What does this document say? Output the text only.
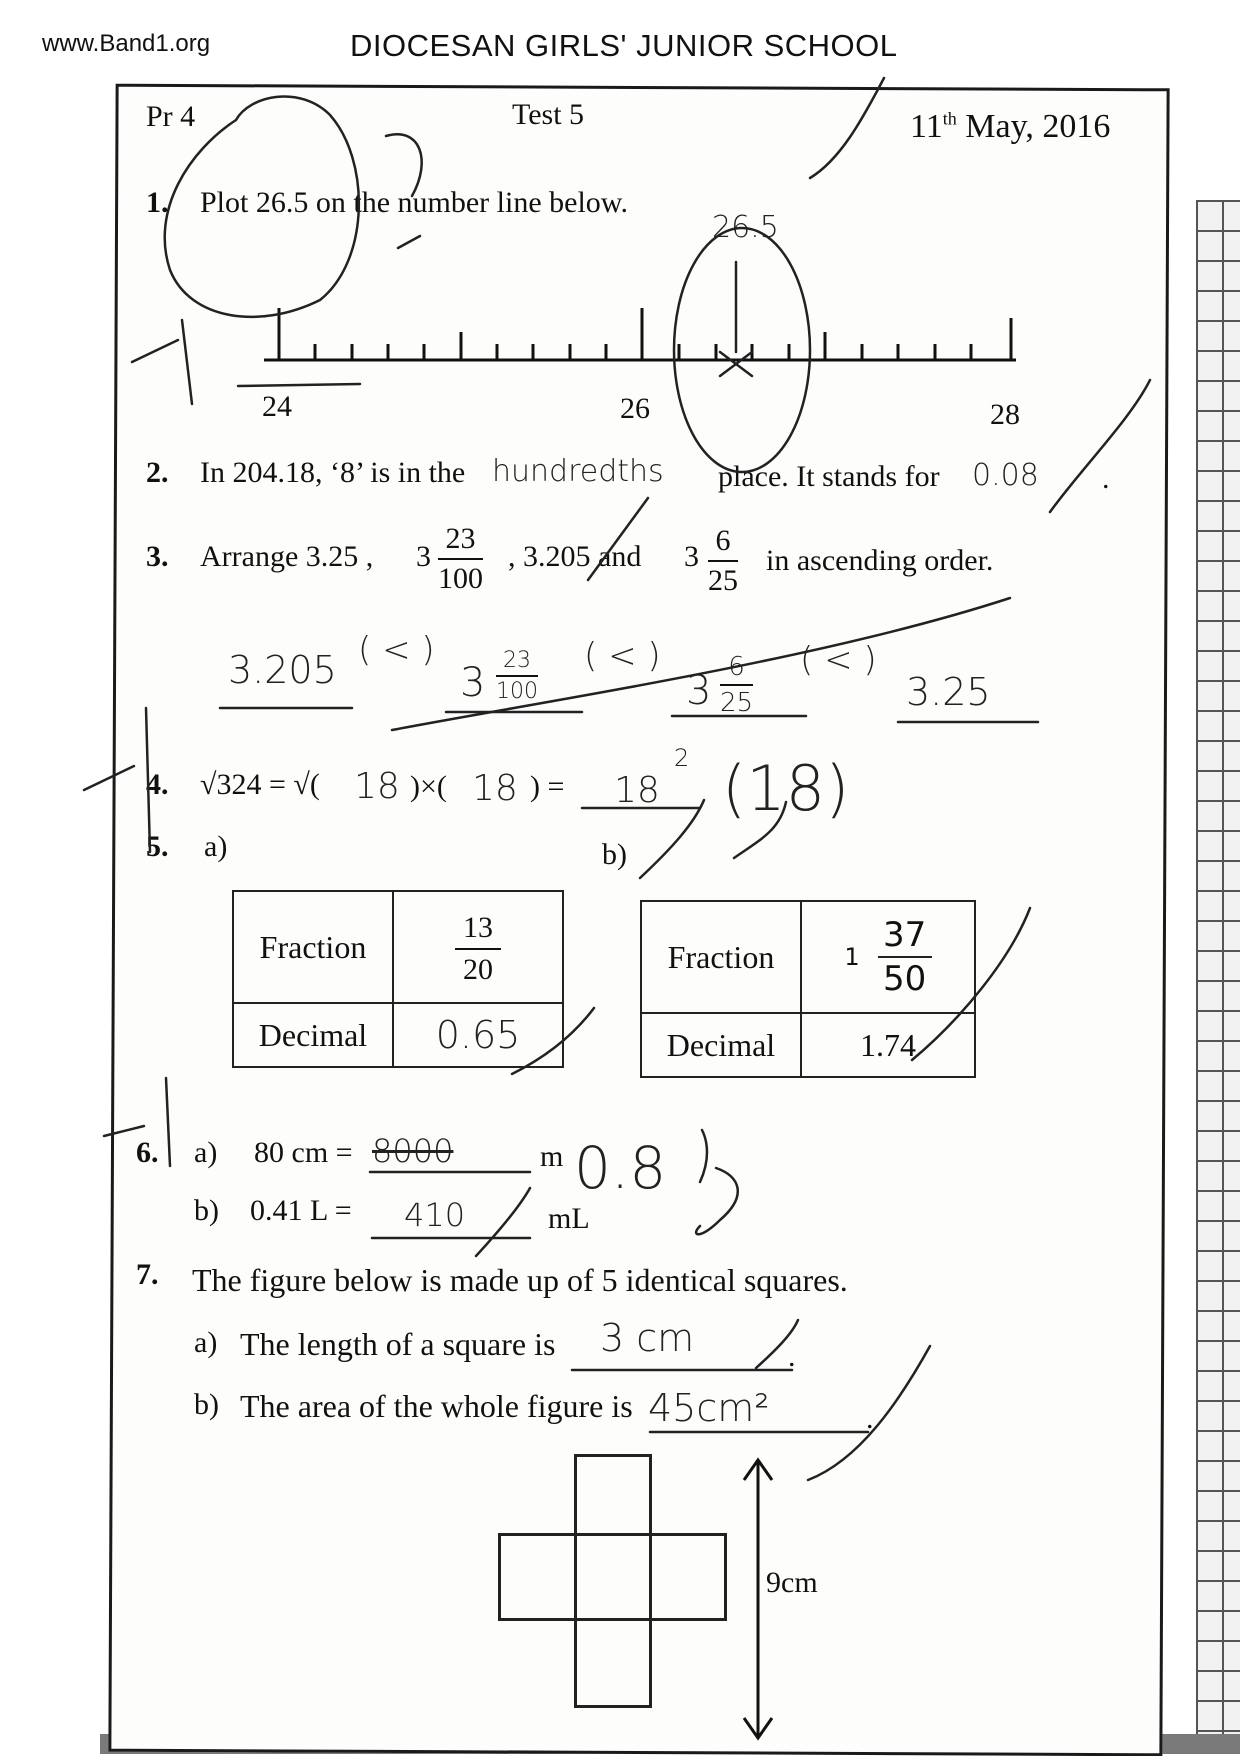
www.Band1.org	DIOCESAN GIRLS' JUNIOR SCHOOL
Pr 4	Test 5	11th May, 2016
1. Plot 26.5 on the number line below.
24	26	28
26.5
2. In 204.18, ‘8’ is in the hundredths place. It stands for 0.08 .
3. Arrange 3.25 , 3
23
100
, 3.205 and 3 6
25
in ascending order.
3.205 ( < )
3 23
100
( < )
3
6
25
( < )
3.25
4. √324 = √( 18 )×( 18 ) = 18
2 (18)
5. a)	b)
Fraction	$\frac{13}{20}$

Decimal	0.65
Fraction	$1 \frac{37}{50}$

Decimal	1.74
6. a) 80 cm = 8000	m 0.8
b) 0.41 L = 410	mL
7. The figure below is made up of 5 identical squares.
a) The length of a square is 3 cm	.
b) The area of the whole figure is 45cm²	.
9cm
